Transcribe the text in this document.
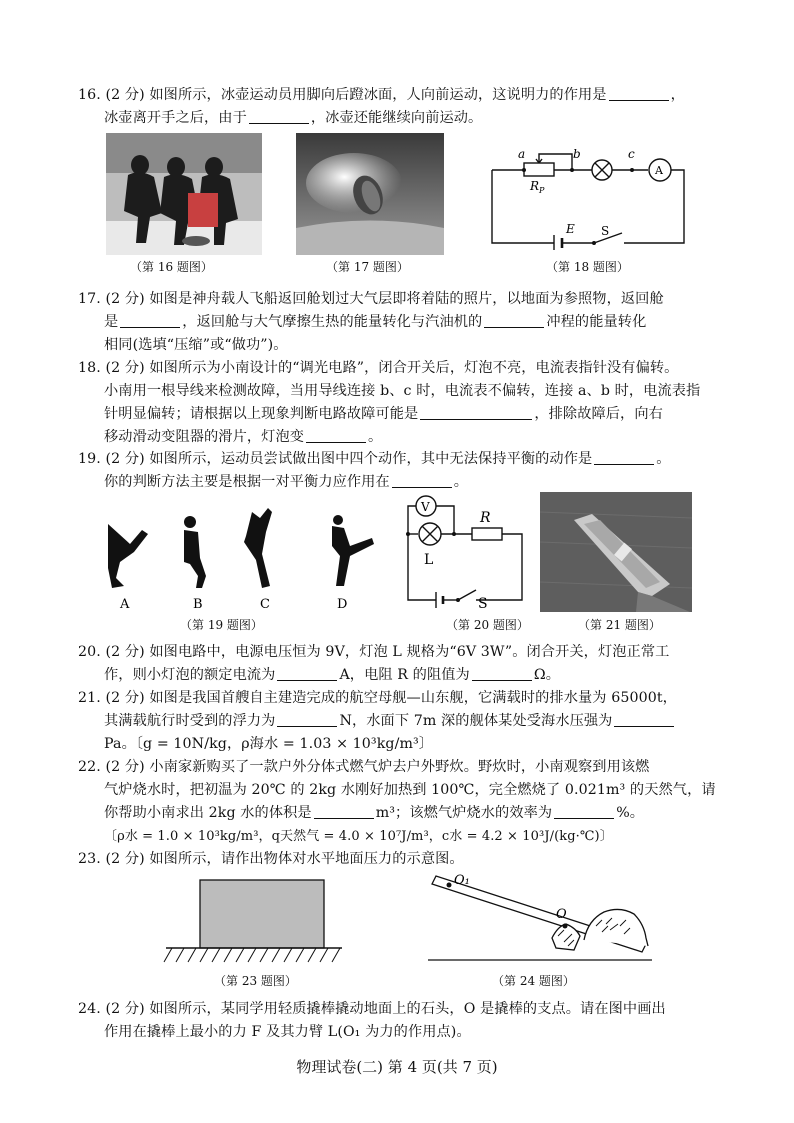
16. (2 分) 如图所示，冰壶运动员用脚向后蹬冰面，人向前运动，这说明力的作用是	，
冰壶离开手之后，由于	，冰壶还能继续向前运动。
a	b	c
R P
A
E S
（第 16 题图）	（第 17 题图）	（第 18 题图）
17. (2 分) 如图是神舟载人飞船返回舱划过大气层即将着陆的照片，以地面为参照物，返回舱
是	，返回舱与大气摩擦生热的能量转化与汽油机的	冲程的能量转化
相同(选填“压缩”或“做功”)。
18. (2 分) 如图所示为小南设计的“调光电路”，闭合开关后，灯泡不亮，电流表指针没有偏转。
小南用一根导线来检测故障，当用导线连接 b、c 时，电流表不偏转，连接 a、b 时，电流表指
针明显偏转；请根据以上现象判断电路故障可能是	，排除故障后，向右
移动滑动变阻器的滑片，灯泡变	。
19. (2 分) 如图所示，运动员尝试做出图中四个动作，其中无法保持平衡的动作是	。
你的判断方法主要是根据一对平衡力应作用在	。
A	B	C	D
V
R
L
S
（第 19 题图）	（第 20 题图）	（第 21 题图）
20. (2 分) 如图电路中，电源电压恒为 9V，灯泡 L 规格为“6V 3W”。闭合开关，灯泡正常工
作，则小灯泡的额定电流为	A，电阻 R 的阻值为	Ω。
21. (2 分) 如图是我国首艘自主建造完成的航空母舰—山东舰，它满载时的排水量为 65000t，
其满载航行时受到的浮力为	N，水面下 7m 深的舰体某处受海水压强为
Pa。〔g = 10N/kg，ρ海水 = 1.03 × 10³kg/m³〕
22. (2 分) 小南家新购买了一款户外分体式燃气炉去户外野炊。野炊时，小南观察到用该燃
气炉烧水时，把初温为 20℃ 的 2kg 水刚好加热到 100℃，完全燃烧了 0.021m³ 的天然气，请
你帮助小南求出 2kg 水的体积是	m³；该燃气炉烧水的效率为	%。
〔ρ水 = 1.0 × 10³kg/m³，q天然气 = 4.0 × 10⁷J/m³，c水 = 4.2 × 10³J/(kg·℃)〕
23. (2 分) 如图所示，请作出物体对水平地面压力的示意图。
O₁
O
（第 23 题图）	（第 24 题图）
24. (2 分) 如图所示，某同学用轻质撬棒撬动地面上的石头，O 是撬棒的支点。请在图中画出
作用在撬棒上最小的力 F 及其力臂 L(O₁ 为力的作用点)。
物理试卷(二) 第 4 页(共 7 页)
